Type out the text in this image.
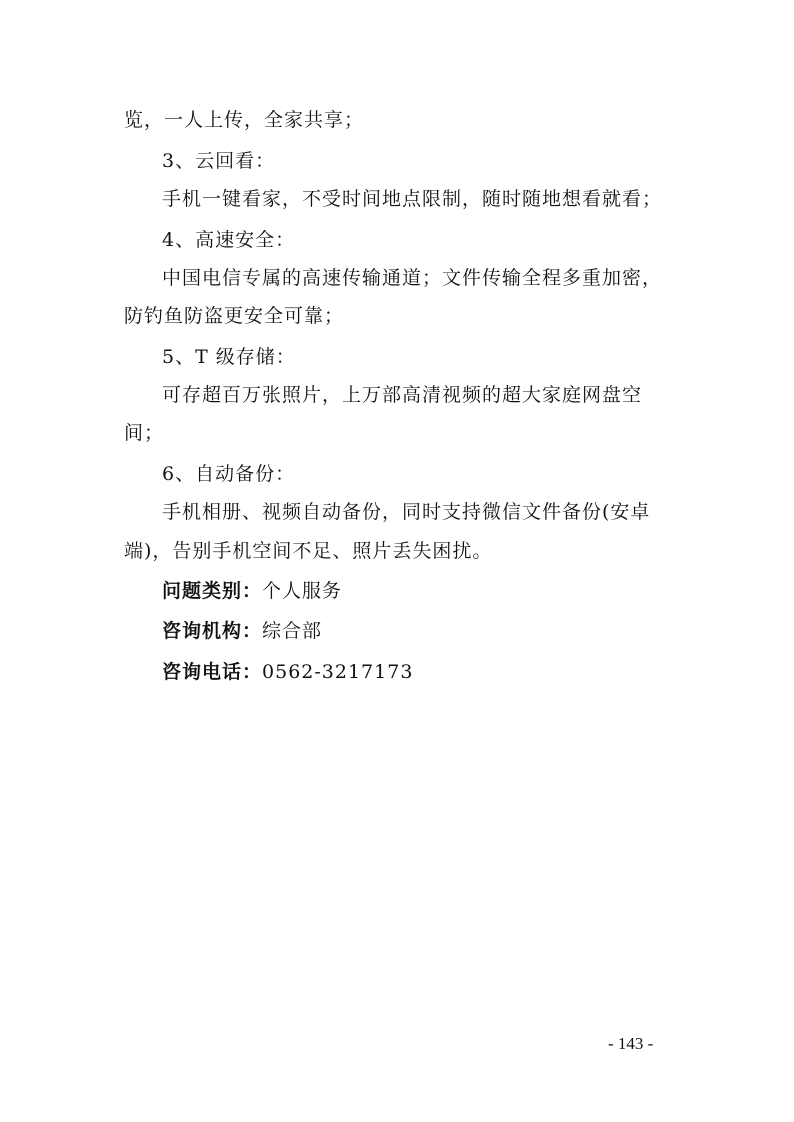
览，一人上传，全家共享；
3、云回看：
手机一键看家，不受时间地点限制，随时随地想看就看；
4、高速安全：
中国电信专属的高速传输通道；文件传输全程多重加密，
防钓鱼防盗更安全可靠；
5、T 级存储：
可存超百万张照片，上万部高清视频的超大家庭网盘空
间；
6、自动备份：
手机相册、视频自动备份，同时支持微信文件备份(安卓
端)，告别手机空间不足、照片丢失困扰。
问题类别：个人服务
咨询机构：综合部
咨询电话：0562-3217173
- 143 -
